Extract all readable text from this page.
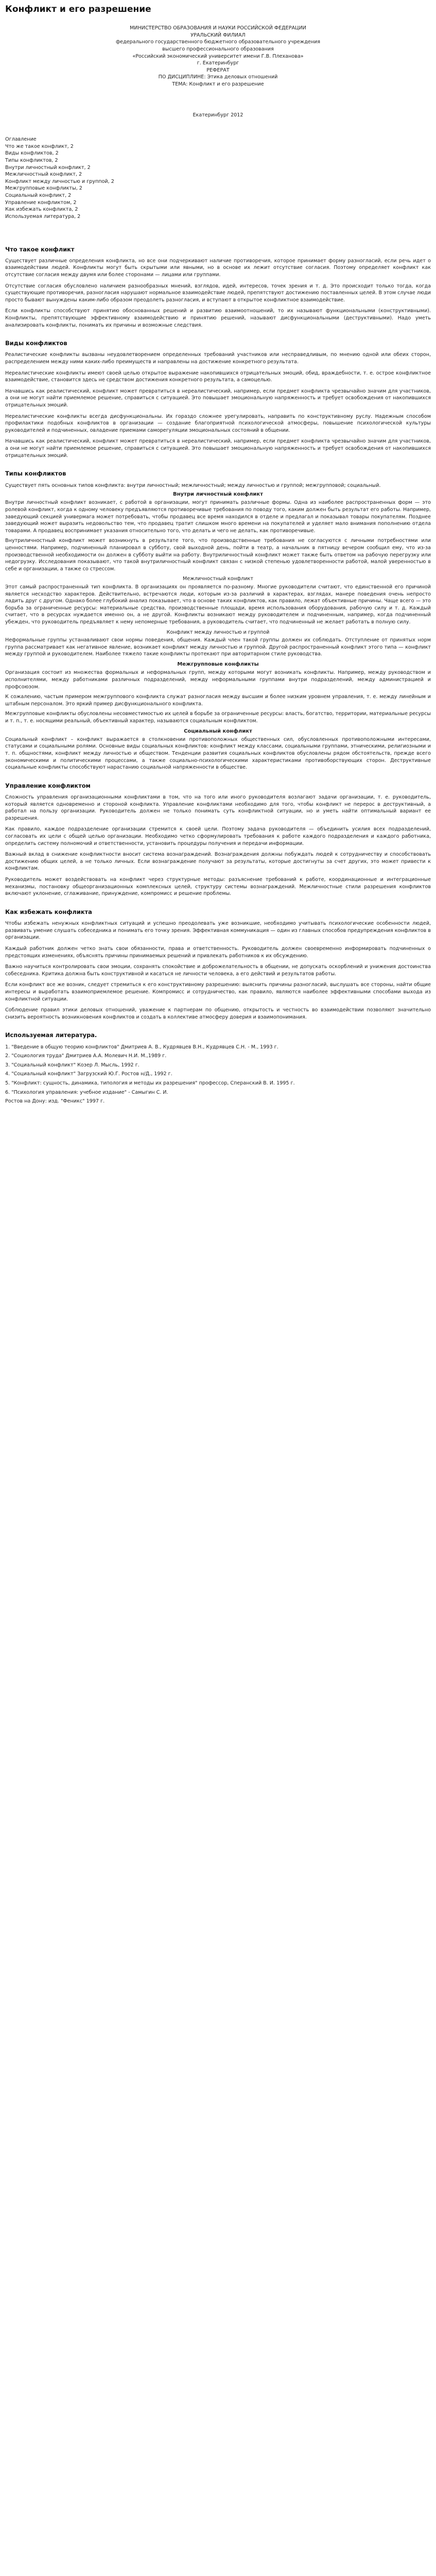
Конфликт и его разрешение

МИНИСТЕРСТВО ОБРАЗОВАНИЯ И НАУКИ РОССИЙСКОЙ ФЕДЕРАЦИИ

УРАЛЬСКИЙ ФИЛИАЛ

федерального государственного бюджетного образовательного учреждения

высшего профессионального образования

«Российский экономический университет имени Г.В. Плеханова»

г. Екатеринбург

РЕФЕРАТ

ПО ДИСЦИПЛИНЕ: Этика деловых отношений

ТЕМА: Конфликт и его разрешение

Екатеринбург 2012

Оглавление

Что же такое конфликт, 2

Виды конфликтов, 2

Типы конфликтов, 2

Внутри личностный конфликт, 2

Межличностный конфликт, 2

Конфликт между личностью и группой, 2

Межгрупповые конфликты, 2

Социальный конфликт, 2

Управление конфликтом, 2

Как избежать конфликта, 2

Используемая литература, 2

Что такое конфликт

Существует различные определения конфликта, но все они подчеркивают наличие противоречия, которое принимает форму разногласий, если речь идет о взаимодействии людей. Конфликты могут быть скрытыми или явными, но в основе их лежит отсутствие согласия. Поэтому определяет конфликт как отсутствие согласия между двумя или более сторонами — лицами или группами.

Отсутствие согласия обусловлено наличием разнообразных мнений, взглядов, идей, интересов, точек зрения и т. д. Это происходит только тогда, когда существующие противоречия, разногласия нарушают нормальное взаимодействие людей, препятствуют достижению поставленных целей. В этом случае люди просто бывают вынуждены каким-либо образом преодолеть разногласия, и вступают в открытое конфликтное взаимодействие.

Если конфликты способствуют принятию обоснованных решений и развитию взаимоотношений, то их называют функциональными (конструктивными). Конфликты, препятствующие эффективному взаимодействию и принятию решений, называют дисфункциональными (деструктивными). Надо уметь анализировать конфликты, понимать их причины и возможные следствия.

Виды конфликтов

Реалистические конфликты вызваны неудовлетворением определенных требований участников или несправедливым, по мнению одной или обеих сторон, распределением между ними каких-либо преимуществ и направлены на достижение конкретного результата.

Нереалистические конфликты имеют своей целью открытое выражение накопившихся отрицательных эмоций, обид, враждебности, т. е. острое конфликтное взаимодействие, становится здесь не средством достижения конкретного результата, а самоцелью.

Начавшись как реалистический, конфликт может превратиться в нереалистический, например, если предмет конфликта чрезвычайно значим для участников, а они не могут найти приемлемое решение, справиться с ситуацией. Это повышает эмоциональную напряженность и требует освобождения от накопившихся отрицательных эмоций.

Нереалистические конфликты всегда дисфункциональны. Их гораздо сложнее урегулировать, направить по конструктивному руслу. Надежным способом профилактики подобных конфликтов в организации — создание благоприятной психологической атмосферы, повышение психологической культуры руководителей и подчиненных, овладение приемами саморегуляции эмоциональных состояний в общении.

Начавшись как реалистический, конфликт может превратиться в нереалистический, например, если предмет конфликта чрезвычайно значим для участников, а они не могут найти приемлемое решение, справиться с ситуацией. Это повышает эмоциональную напряженность и требует освобождения от накопившихся отрицательных эмоций.

Типы конфликтов

Существует пять основных типов конфликта: внутри личностный; межличностный; между личностью и группой; межгрупповой; социальный.

Внутри личностный конфликт

Внутри личностный конфликт возникает, с работой в организации, могут принимать различные формы. Одна из наиболее распространенных форм — это ролевой конфликт, когда к одному человеку предъявляются противоречивые требования по поводу того, каким должен быть результат его работы. Например, заведующий секцией универмага может потребовать, чтобы продавец все время находился в отделе и предлагал и показывал товары покупателям. Позднее заведующий может выразить недовольство тем, что продавец тратит слишком много времени на покупателей и уделяет мало внимания пополнению отдела товарами. А продавец воспринимает указания относительно того, что делать и чего не делать, как противоречивые.

Внутриличностный конфликт может возникнуть в результате того, что производственные требования не согласуются с личными потребностями или ценностями. Например, подчиненный планировал в субботу, свой выходной день, пойти в театр, а начальник в пятницу вечером сообщил ему, что из-за производственной необходимости он должен в субботу выйти на работу. Внутриличностный конфликт может также быть ответом на рабочую перегрузку или недогрузку. Исследования показывают, что такой внутриличностный конфликт связан с низкой степенью удовлетворенности работой, малой уверенностью в себе и организации, а также со стрессом.

Межличностный конфликт

Этот самый распространенный тип конфликта. В организациях он проявляется по-разному. Многие руководители считают, что единственной его причиной является несходство характеров. Действительно, встречаются люди, которым из-за различий в характерах, взглядах, манере поведения очень непросто ладить друг с другом. Однако более глубокий анализ показывает, что в основе таких конфликтов, как правило, лежат объективные причины. Чаще всего — это борьба за ограниченные ресурсы: материальные средства, производственные площади, время использования оборудования, рабочую силу и т. д. Каждый считает, что в ресурсах нуждается именно он, а не другой. Конфликты возникают между руководителем и подчиненным, например, когда подчиненный убежден, что руководитель предъявляет к нему непомерные требования, а руководитель считает, что подчиненный не желает работать в полную силу.

Конфликт между личностью и группой

Неформальные группы устанавливают свои нормы поведения, общения. Каждый член такой группы должен их соблюдать. Отступление от принятых норм группа рассматривает как негативное явление, возникает конфликт между личностью и группой. Другой распространенный конфликт этого типа — конфликт между группой и руководителем. Наиболее тяжело такие конфликты протекают при авторитарном стиле руководства.

Межгрупповые конфликты

Организация состоит из множества формальных и неформальных групп, между которыми могут возникать конфликты. Например, между руководством и исполнителями, между работниками различных подразделений, между неформальными группами внутри подразделений, между администрацией и профсоюзом.

К сожалению, частым примером межгруппового конфликта служат разногласия между высшим и более низким уровнем управления, т. е. между линейным и штабным персоналом. Это яркий пример дисфункционального конфликта.

Межгрупповые конфликты обусловлены несовместимостью их целей в борьбе за ограниченные ресурсы: власть, богатство, территории, материальные ресурсы и т. п., т. е. носящими реальный, объективный характер, называются социальным конфликтом.

Социальный конфликт

Социальный конфликт – конфликт выражается в столкновении противоположных общественных сил, обусловленных противоположными интересами, статусами и социальными ролями. Основные виды социальных конфликтов: конфликт между классами, социальными группами, этническими, религиозными и т. п. общностями, конфликт между личностью и обществом. Тенденции развития социальных конфликтов обусловлены рядом обстоятельств, прежде всего экономическими и политическими процессами, а также социально-психологическими характеристиками противоборствующих сторон. Деструктивные социальные конфликты способствуют нарастанию социальной напряженности в обществе.

Управление конфликтом

Сложность управления организационными конфликтами в том, что на того или иного руководителя возлагают задачи организации, т. е. руководитель, который является одновременно и стороной конфликта. Управление конфликтами необходимо для того, чтобы конфликт не перерос в деструктивный, а работал на пользу организации. Руководитель должен не только понимать суть конфликтной ситуации, но и уметь найти оптимальный вариант ее разрешения.

Как правило, каждое подразделение организации стремится к своей цели. Поэтому задача руководителя — объединить усилия всех подразделений, согласовать их цели с общей целью организации. Необходимо четко сформулировать требования к работе каждого подразделения и каждого работника, определить систему полномочий и ответственности, установить процедуры получения и передачи информации.

Важный вклад в снижение конфликтности вносит система вознаграждений. Вознаграждения должны побуждать людей к сотрудничеству и способствовать достижению общих целей, а не только личных. Если вознаграждение получают за результаты, которые достигнуты за счет других, это может привести к конфликтам.

Руководитель может воздействовать на конфликт через структурные методы: разъяснение требований к работе, координационные и интеграционные механизмы, постановку общеорганизационных комплексных целей, структуру системы вознаграждений. Межличностные стили разрешения конфликтов включают уклонение, сглаживание, принуждение, компромисс и решение проблемы.

Как избежать конфликта

Чтобы избежать ненужных конфликтных ситуаций и успешно преодолевать уже возникшие, необходимо учитывать психологические особенности людей, развивать умение слушать собеседника и понимать его точку зрения. Эффективная коммуникация — один из главных способов предупреждения конфликтов в организации.

Каждый работник должен четко знать свои обязанности, права и ответственность. Руководитель должен своевременно информировать подчиненных о предстоящих изменениях, объяснять причины принимаемых решений и привлекать работников к их обсуждению.

Важно научиться контролировать свои эмоции, сохранять спокойствие и доброжелательность в общении, не допускать оскорблений и унижения достоинства собеседника. Критика должна быть конструктивной и касаться не личности человека, а его действий и результатов работы.

Если конфликт все же возник, следует стремиться к его конструктивному разрешению: выяснить причины разногласий, выслушать все стороны, найти общие интересы и выработать взаимоприемлемое решение. Компромисс и сотрудничество, как правило, являются наиболее эффективными способами выхода из конфликтной ситуации.

Соблюдение правил этики деловых отношений, уважение к партнерам по общению, открытость и честность во взаимодействии позволяют значительно снизить вероятность возникновения конфликтов и создать в коллективе атмосферу доверия и взаимопонимания.

Используемая литература.

1. "Введение в общую теорию конфликтов" Дмитриев А. В., Кудрявцев В.Н., Кудрявцев С.Н. - М., 1993 г.

2. "Социология труда" Дмитриев А.А. Молевич Н.И. М.,1989 г.

3. "Социальный конфликт" Козер Л. Мысль, 1992 г.

4. "Социальный конфликт" Загрузский Ю.Г. Ростов н/Д., 1992 г.

5. "Конфликт: сущность, динамика, типология и методы их разрешения" профессор, Сперанский В. И. 1995 г.

6. "Психология управления: учебное издание" - Самыгин С. И.

Ростов на Дону: изд. "Феникс" 1997 г.
